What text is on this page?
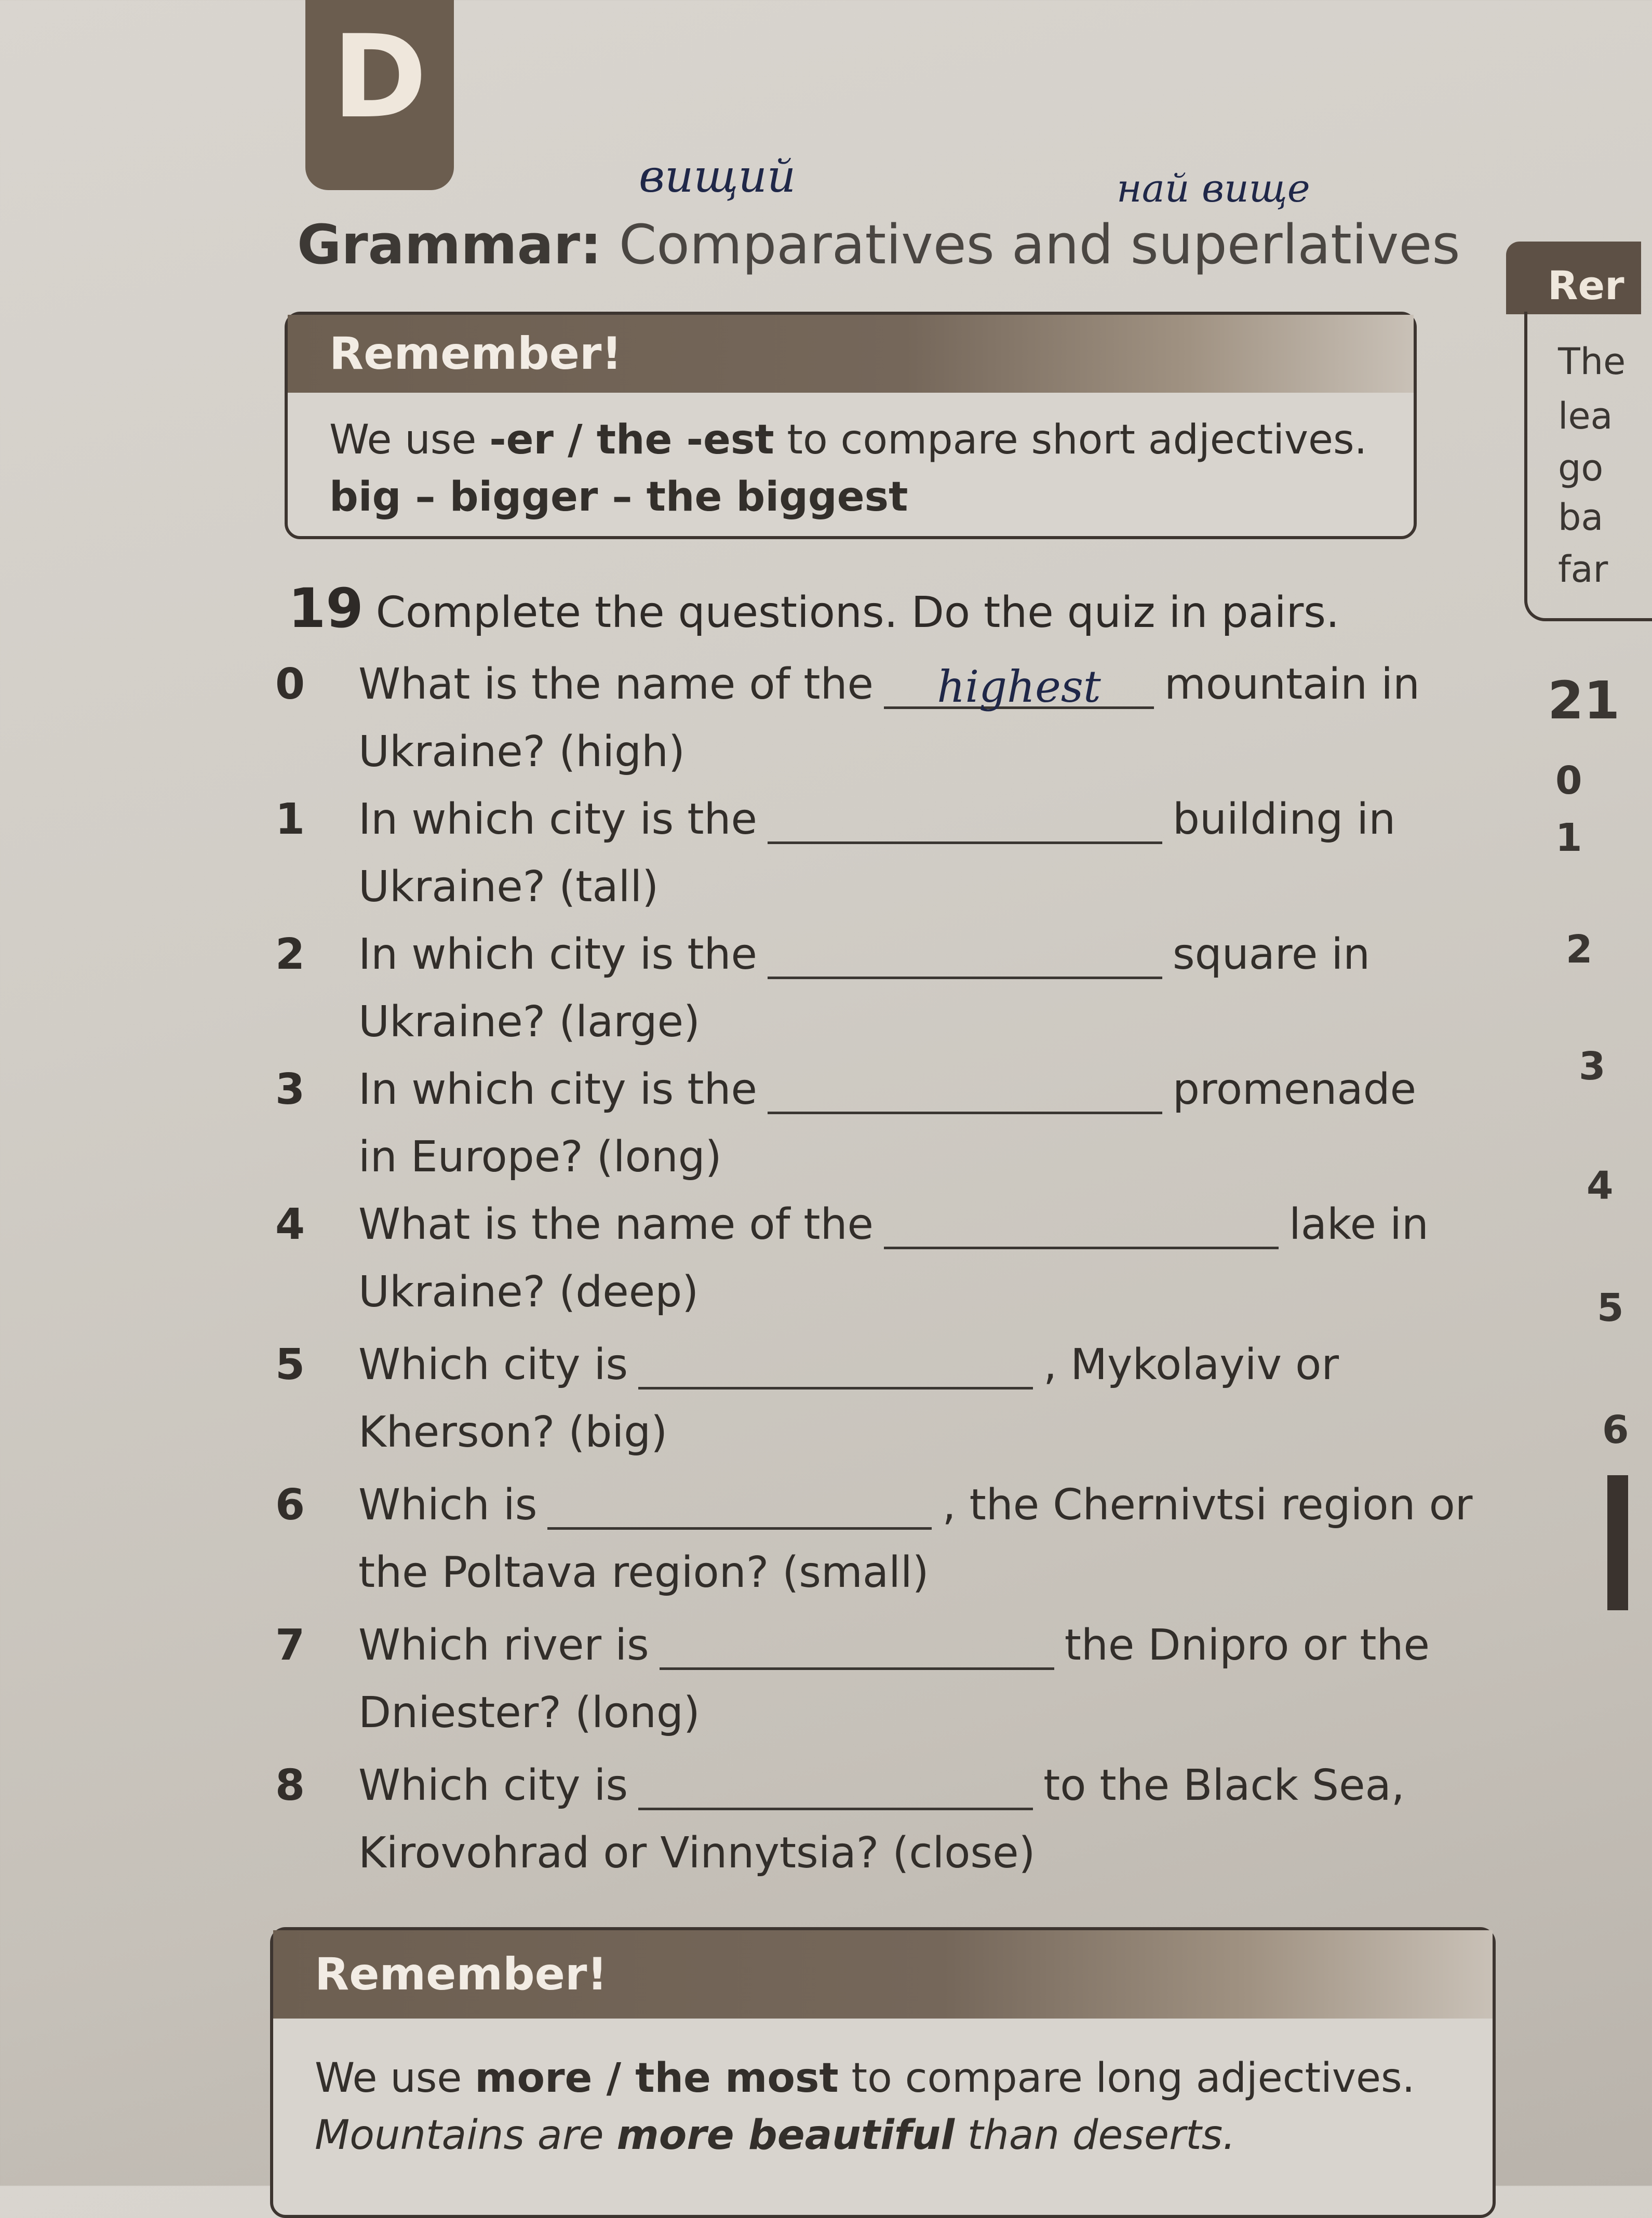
D
вищий	най вище
Grammar: Comparatives and superlatives
Remember!
We use -er / the -est to compare short adjectives.
big – bigger – the biggest
19 Complete the questions. Do the quiz in pairs.
0 What is the name of the	highest	mountain in
Ukraine? (high)
1 In which city is the	building in
Ukraine? (tall)
2 In which city is the	square in
Ukraine? (large)
3 In which city is the	promenade
in Europe? (long)
4 What is the name of the	lake in
Ukraine? (deep)
5 Which city is	, Mykolayiv or
Kherson? (big)
6 Which is	, the Chernivtsi region or
the Poltava region? (small)
7 Which river is	the Dnipro or the
Dniester? (long)
8 Which city is	to the Black Sea,
Kirovohrad or Vinnytsia? (close)
Remember!
We use more / the most to compare long adjectives.
Mountains are more beautiful than deserts.
Rer
The
lea
go
ba
far
21
0
1
2
3
4
5
6
